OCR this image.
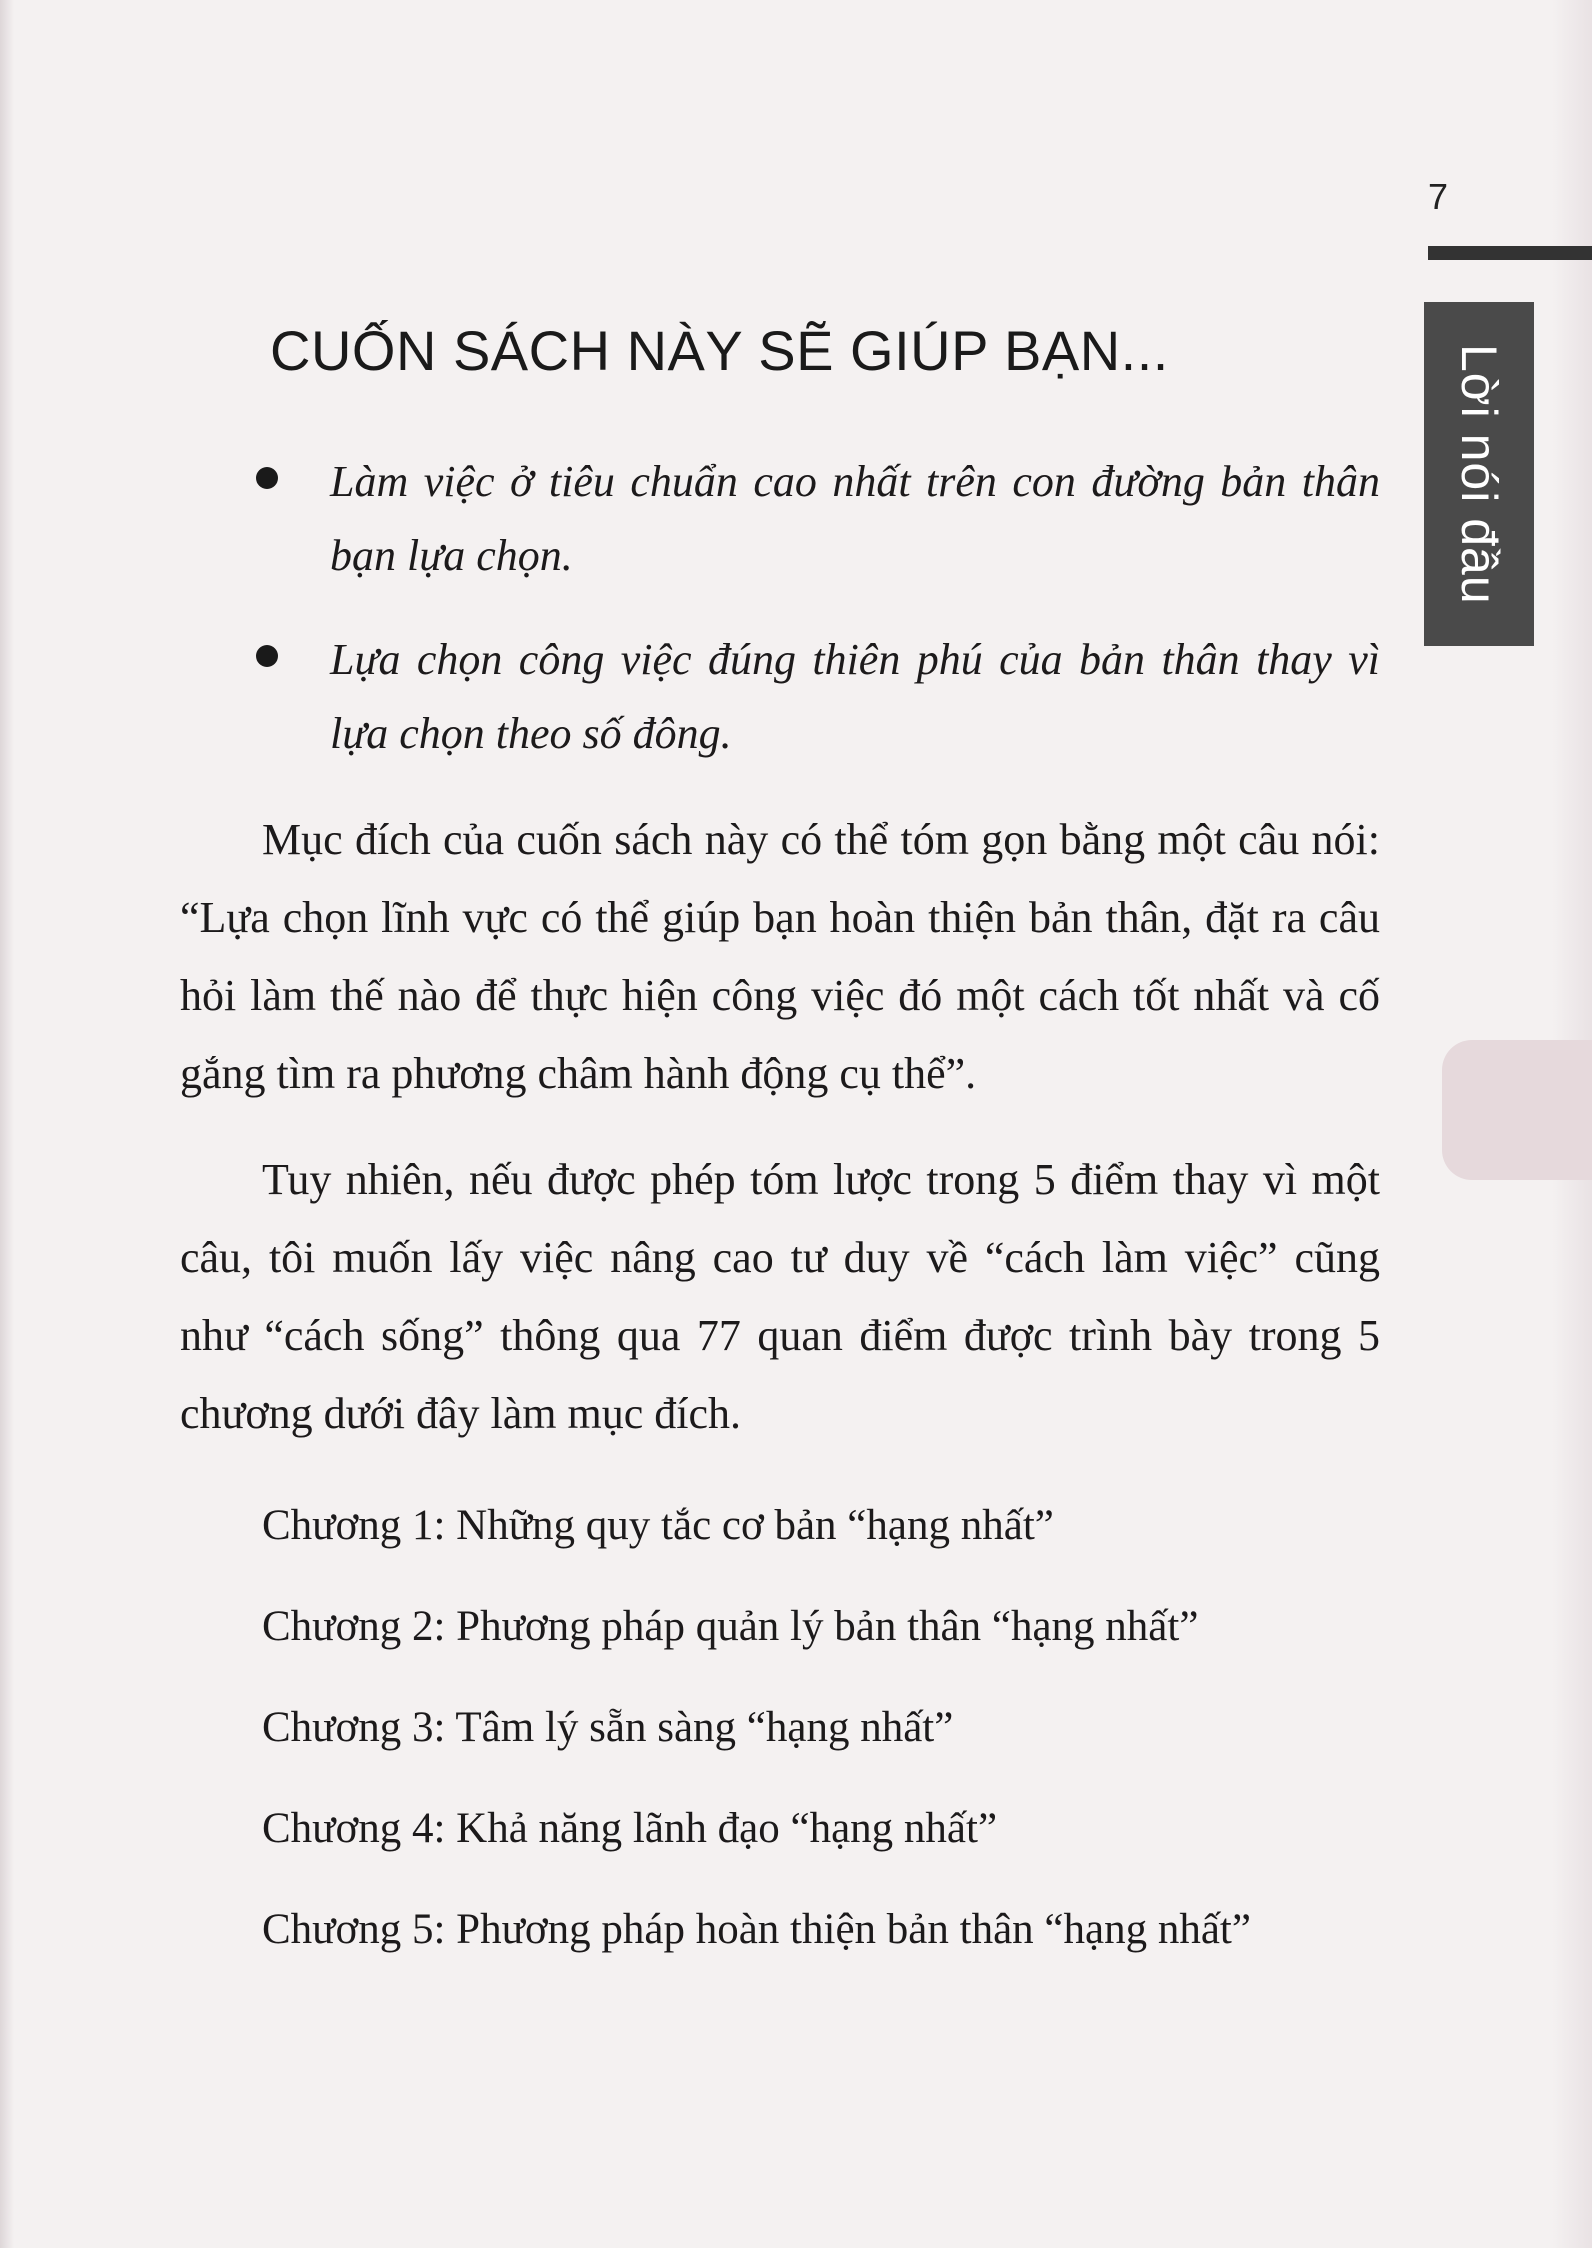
7
Lời nói đầu
CUỐN SÁCH NÀY SẼ GIÚP BẠN...
Làm việc ở tiêu chuẩn cao nhất trên con đường bản thân bạn lựa chọn.
Lựa chọn công việc đúng thiên phú của bản thân thay vì lựa chọn theo số đông.

Mục đích của cuốn sách này có thể tóm gọn bằng một câu nói: “Lựa chọn lĩnh vực có thể giúp bạn hoàn thiện bản thân, đặt ra câu hỏi làm thế nào để thực hiện công việc đó một cách tốt nhất và cố gắng tìm ra phương châm hành động cụ thể”.

Tuy nhiên, nếu được phép tóm lược trong 5 điểm thay vì một câu, tôi muốn lấy việc nâng cao tư duy về “cách làm việc” cũng như “cách sống” thông qua 77 quan điểm được trình bày trong 5 chương dưới đây làm mục đích.

Chương 1: Những quy tắc cơ bản “hạng nhất”
Chương 2: Phương pháp quản lý bản thân “hạng nhất”
Chương 3: Tâm lý sẵn sàng “hạng nhất”
Chương 4: Khả năng lãnh đạo “hạng nhất”
Chương 5: Phương pháp hoàn thiện bản thân “hạng nhất”
